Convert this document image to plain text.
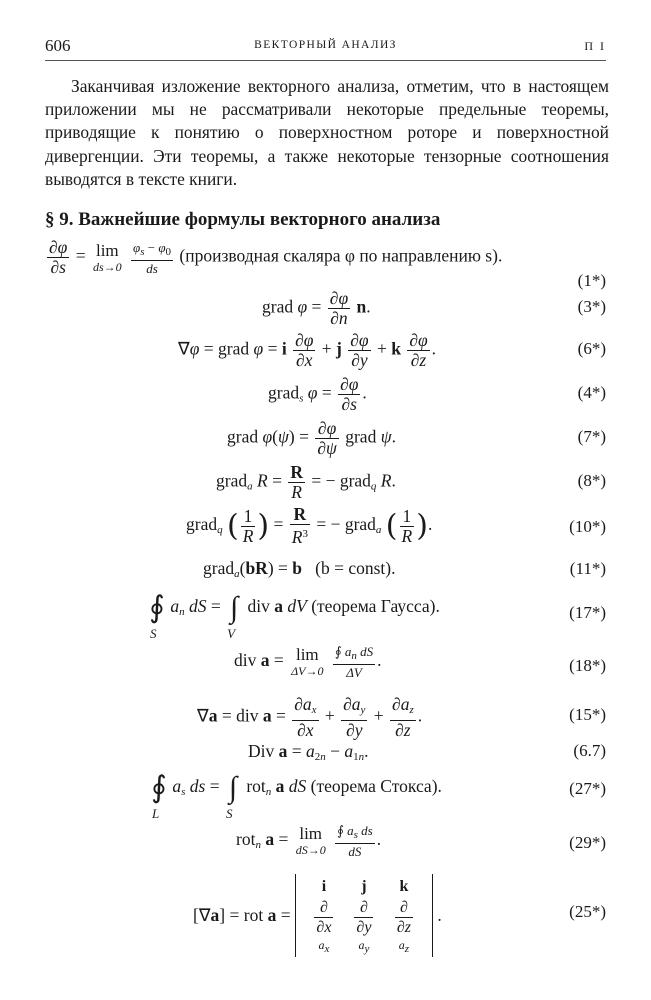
606	ВЕКТОРНЫЙ АНАЛИЗ	П I

Заканчивая изложение векторного анализа, отметим, что в настоящем приложении мы не рассматривали некоторые предельные теоремы, приводящие к понятию о поверхностном роторе и поверхностной дивергенции. Эти теоремы, а также некоторые тензорные соотношения выводятся в тексте книги.

§ 9. Важнейшие формулы векторного анализа
$\frac{\partial\varphi}{\partial s} = \lim$
ds→0
$\frac{\varphi_s - \varphi_0}{ds}$ (производная скаляра φ по направлению s).
(1*)
grad $\varphi = \frac{\partial\varphi}{\partial n} n$.	(3*)
∇φ = grad φ = i $\frac{\partial\varphi}{\partial x} + j \frac{\partial\varphi}{\partial y} + k \frac{\partial\varphi}{\partial z}$ .	(6*)
grad$_s$ $\varphi = \frac{\partial\varphi}{\partial s}$ .	(4*)
grad $\varphi(\psi) = \frac{\partial\varphi}{\partial\psi}$ grad ψ.	(7*)
grad$_a$ $R = \frac{R}{R}$ = − grad$_q$ R.	(8*)
grad$_q$ ( $\frac{1}{R}$ ) = $\frac{R}{R^3}$ = − grad$_a$ ( $\frac{1}{R}$ ).	(10*)
grad$_a$(bR) = b (b = const).	(11*)
∮
S
$a_n$ dS = ∫
V
div a dV (теорема Гаусса).	(17*)
div a = lim
ΔV→0
$\frac{∮ a_n dS}{\Delta V}$ .	(18*)
∇a = div $a = \frac{\partial a_x}{\partial x} + \frac{\partial a_y}{\partial y} + \frac{\partial a_z}{\partial z}$ .	(15*)
Div $a = a_{2n} - a_{1n}$.	(6.7)
∮
L
$a_s$ ds = ∫
S
rot$_n$ a dS (теорема Стокса).	(27*)
rot$_n$ a = lim
dS→0
$\frac{∮ a_s ds}{dS}$ .	(29*)
[∇a] = rot a =
i	j	k

$\frac{\partial}{\partial x}$	$\frac{\partial}{\partial y}$	$\frac{\partial}{\partial z}$

$a_x$	$a_y$	$a_z$
.	(25*)
